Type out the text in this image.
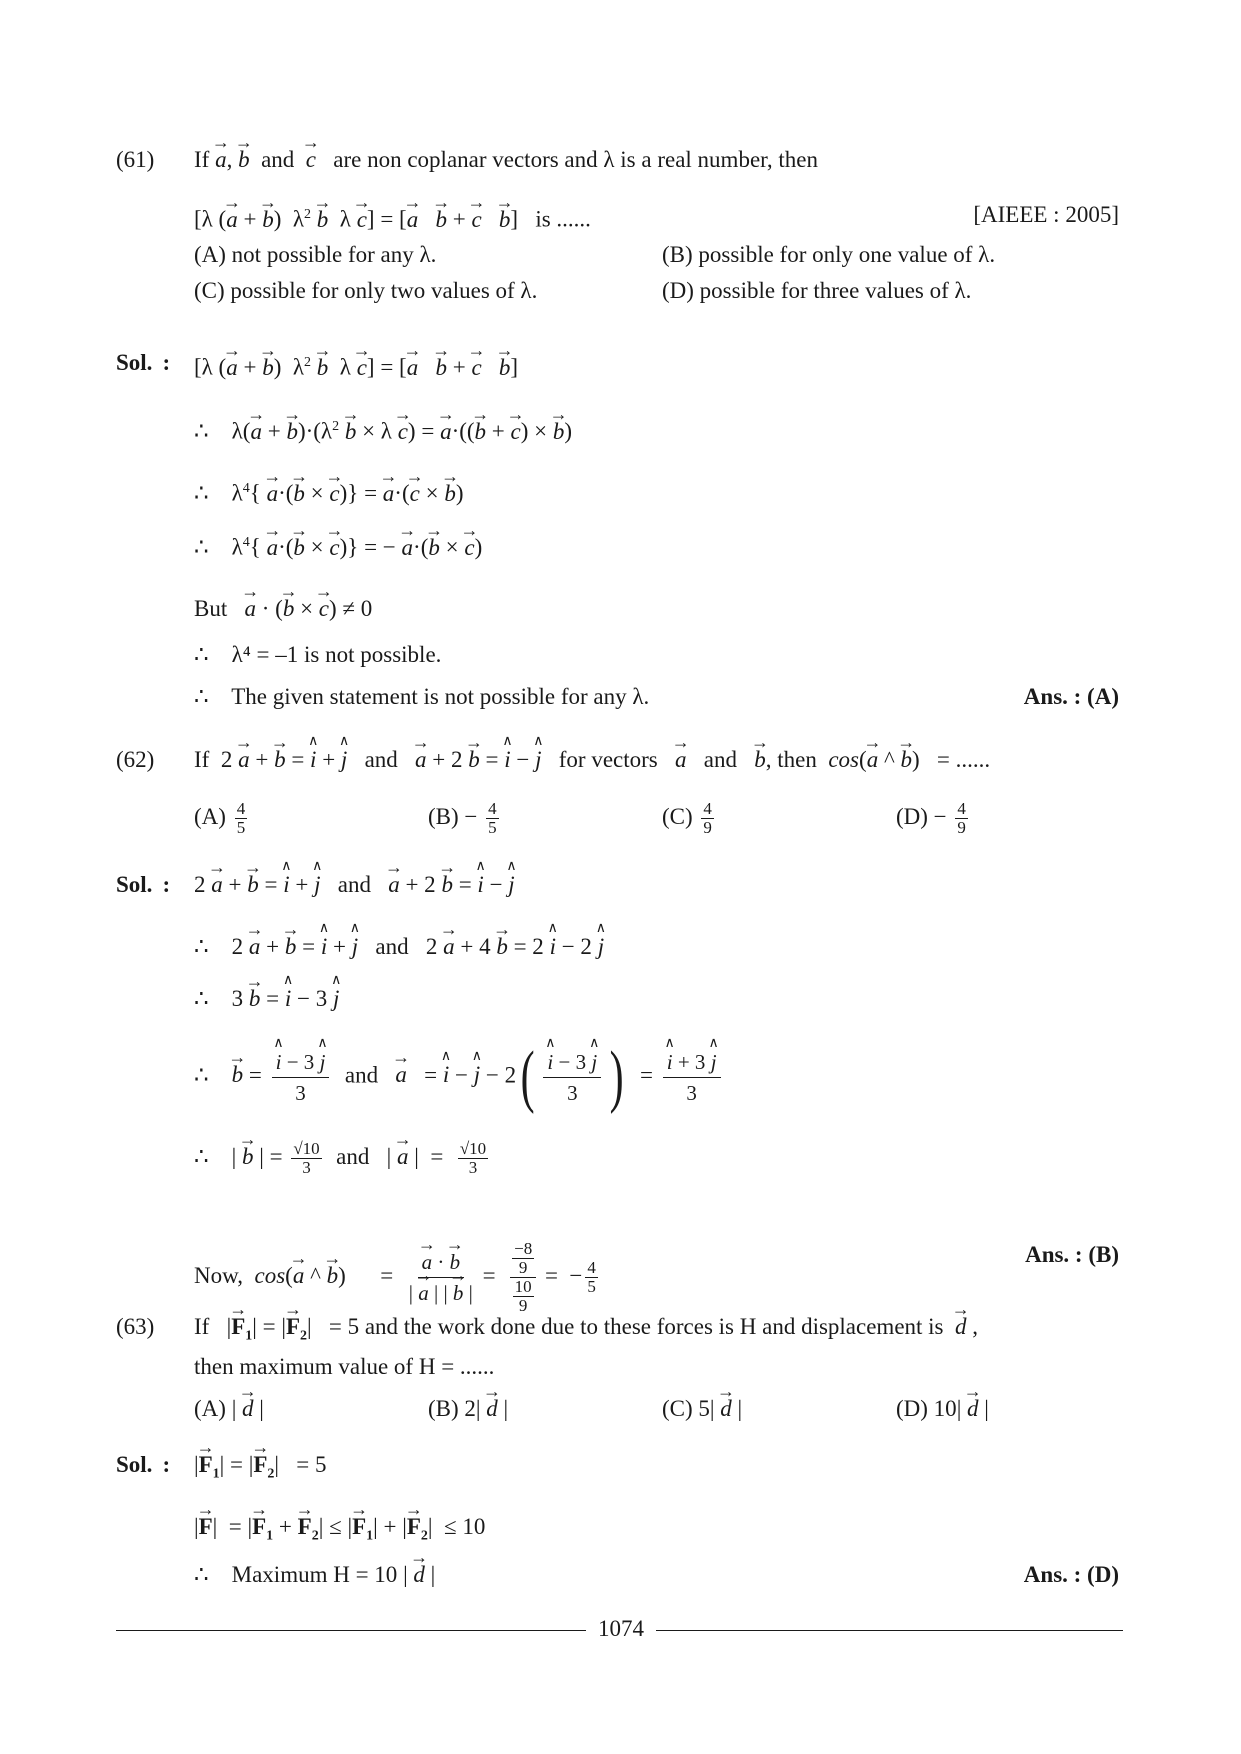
(61) If → a, → b and → c are non coplanar vectors and λ is a real number, then
[λ (→ a + → b)  $\lambda^2 \to b$  λ → c] = [→ a → b + → c → b]   is ......	[AIEEE : 2005]
(A) not possible for any λ.	(B) possible for only one value of λ.
(C) possible for only two values of λ.	(D) possible for three values of λ.
Sol. : [λ (→ a + → b)  $\lambda^2 \to b$  λ → c] = [→ a → b + → c → b]
∴    λ(→ a + → $b)\cdot(\lambda^2 \to b \times \lambda \to c)$ = → a·((→ b + → c) × → b)
∴    $\lambda^4\{ \to a\cdot(\to b$ × → c)} = → a·(→ c × → b)
∴    $\lambda^4\{ \to a\cdot(\to b$ × → c)} = − → a·(→ b × → c)
But → a · (→ b × → c) ≠ 0
∴ λ⁴ = –1 is not possible.
∴ The given statement is not possible for any λ.	Ans. : (A)
(62) If  2 → a + → b = ∧ i + ∧ j and → a + 2 → b = ∧ i − ∧ j for vectors → a and → b, then cos(→ a ^ → b)   = ......
$(A) \frac{4}{5}$	$(B) - \frac{4}{5}$	$(C) \frac{4}{9}$	$(D) - \frac{4}{9}$
Sol. : 2 → a + → b = ∧ i + ∧ j and → a + 2 → b = ∧ i − ∧ j
∴    2 → a + → b = ∧ i + ∧ j and   2 → a + 4 → b = 2 ∧ i − 2 ∧ j
∴    3 → b = ∧ i − 3 ∧ j
∴    → b = ∧ $\frac{i - 3 \wedge j}{3}$ and → a   = ∧ i − ∧ j − 2( ∧ $\frac{i - 3 \wedge j}{3}$ )  = ∧ $\frac{i + 3 \wedge j}{3}$
∴    | → b | = $\frac{√10}{3}$ and   | → a |  = $\frac{√10}{3}$
Now, cos(→ a ^ → b)      = → $\frac{a \cdot \to b}{| \to a | | \to b |} = \frac{\frac{-8}{9}}{\frac{10}{9}}$ =  − $\frac{4}{5}$
Ans. : (B)
(63) If   |→ $F_1|$ = |→ $F_2| = 5$ and the work done due to these forces is H and displacement is → d ,
then maximum value of H = ......
(A) | → d |	(B) 2| → d |	(C) 5| → d |	(D) 10| → d |
Sol. : |→ $F_1|$ = |→ $F_2| = 5$
|→ F|  = |→ $F_1$ + → $F_2|$ ≤ |→ $F_1|$ + |→ $F_2| \le 10$
∴    Maximum H = 10 | → d |	Ans. : (D)
1074
